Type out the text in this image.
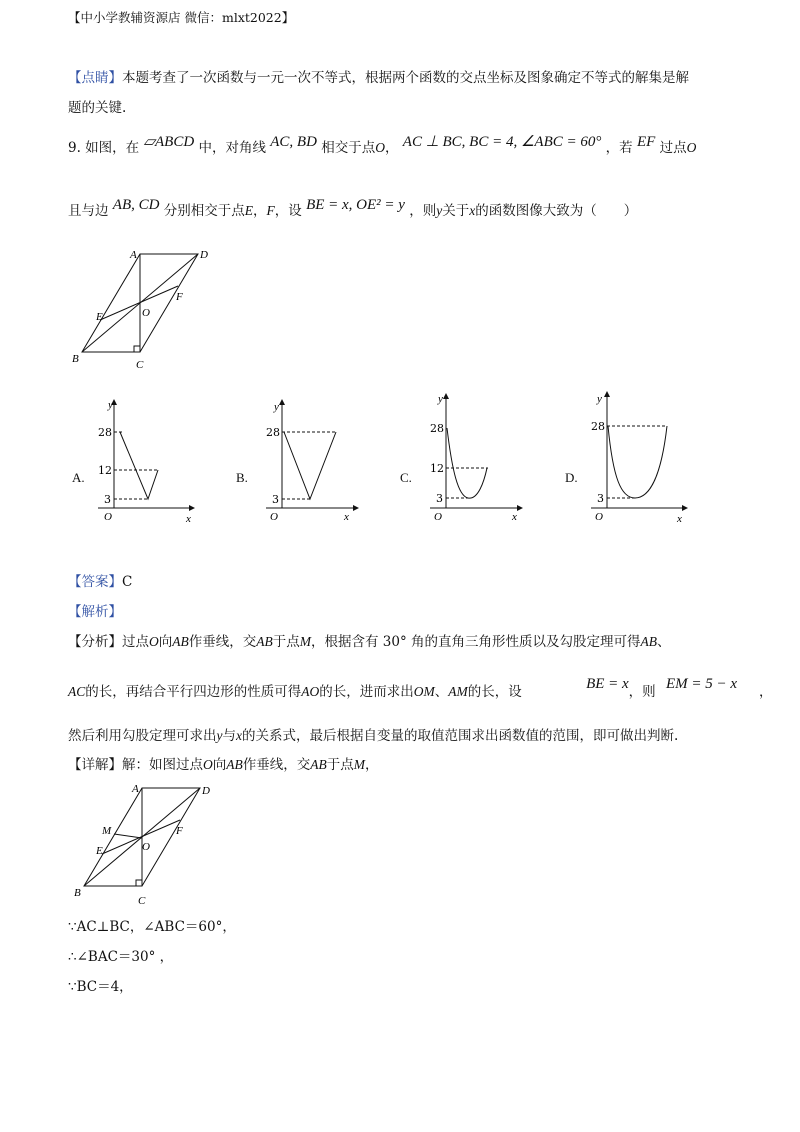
【中小学教辅资源店 微信：mlxt2022】
【点睛】本题考查了一次函数与一元一次不等式，根据两个函数的交点坐标及图象确定不等式的解集是解
题的关键.
9. 如图，在 ▱ABCD 中，对角线 AC, BD 相交于点O， AC ⊥ BC, BC = 4, ∠ABC = 60° ，若 EF 过点O
且与边 AB, CD 分别相交于点E，F，设 BE = x, OE² = y ，则y关于x的函数图像大致为（　　）
A	D
B	C
E
F
O
A.
y
x
O
28
12
3
B.
y
x
O
28
3
C.
y
x
O
28
12
3
D.
y
x
O
28
3
【答案】C
【解析】
【分析】过点O向AB作垂线，交AB于点M，根据含有 30° 角的直角三角形性质以及勾股定理可得AB、
AC的长，再结合平行四边形的性质可得AO的长，进而求出OM、AM的长，设	BE = x，则 EM = 5 − x ，
然后利用勾股定理可求出y与x的关系式，最后根据自变量的取值范围求出函数值的范围，即可做出判断.
【详解】解：如图过点O向AB作垂线，交AB于点M，
A	D
B
C
M
E
F
O
∵AC⊥BC，∠ABC＝60°，
∴∠BAC＝30° ，
∵BC＝4，
